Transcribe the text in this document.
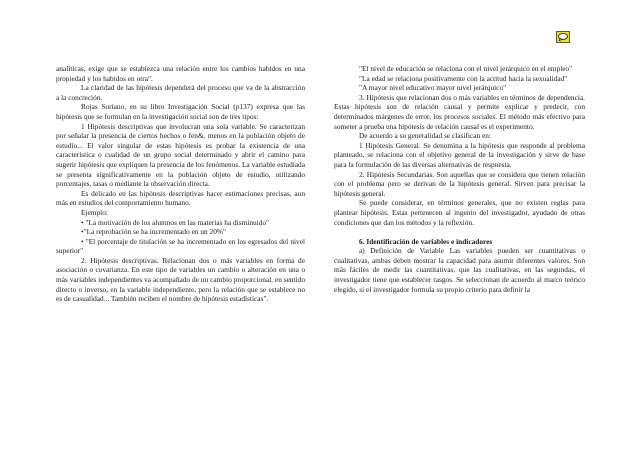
analíticas, exige que se establezca una relación entre los cambios habidos en una propiedad y los habidos en otra".

La claridad de las hipótesis dependerá del proceso que va de la abstracción a la concreción.

Rojas Soriano, en su libro Investigación Social (p137) expresa que las hipótesis que se formulan en la investigación social son de tres tipos:

1 Hipótesis descriptivas que involucran una sola variable. Se caracterizan por señalar la presencia de ciertos hechos o fen&. menos en la población objeto de estudio... El valor singular de estas hipótesis es probar la existencia de una característica o cualidad de un grupo social determinado y abrir el camino para sugerir hipótesis que expliquen la presencia de los fenómenos. La variable estudiada se presenta significativamente en la población objeto de estudio, utilizando porcentajes, tasas o mediante la observación directa.

Es delicado en las hipótesis descriptivas hacer estimaciones precisas, aun más en estudios del comportamiento humano.

Ejemplo:

• "La motivación de los alumnos en las materias ha disminuido"

•"La reprobación se ha incrementado en un 20%"

• "El porcentaje de titulación se ha incrementado en los egresados del nivel superior"

2. Hipótesis descriptivas. Relacionan dos o más variables en forma de asociación o covarianza. En este tipo de variables un cambio o alteración en una o más variables independientes va acompañado de un cambio proporcional, en sentido directo o inverso, en la variable independiente, pero la relación que se establece no es de casualidad... También reciben el nombre de hipótesis estadísticas".

"El nivel de educación se relaciona con el nivel jerárquico en el empleo"

"La edad se relaciona positivamente con la actitud hacia la sexualidad"

"A mayor nivel educativo mayor nivel jerárquico"

3. Hipótesis que relacionan dos o más variables en términos de dependencia. Estas hipótesis son de relación causal y permite explicar y predecir, con determinados márgenes de error, los procesos sociales. El método más efectivo para someter a prueba una hipótesis de relación causal es el experimento.

De acuerdo a su generalidad se clasifican en:

1 Hipótesis General. Se denomina a la hipótesis que responde al problema planteado, se relaciona con el objetivo general de la investigación y sirve de base para la formulación de las diversas alternativas de respuesta.

2. Hipótesis Secundarias. Son aquellas que se considera que tienen relación con el problema pero se derivan de la hipótesis general. Sirven para precisar la hipótesis general.

Se puede considerar, en términos generales, que no existen reglas para plantear hipótesis. Estas pertenecen al ingenio del investigador, ayudado de otras condiciones que dan los métodos y la reflexión.

6. Identificación de variables e indicadores

a) Definición de Variable Las variables pueden ser cuantitativas o cualitativas, ambas deben mostrar la capacidad para asumir diferentes valores. Son más fáciles de medir las cuantitativas, que las cualitativas, en las segundas, el investigador tiene que establecer rasgos. Se seleccionan de acuerdo al marco teórico elegido, si el investigador formula su propio criterio para definir la
